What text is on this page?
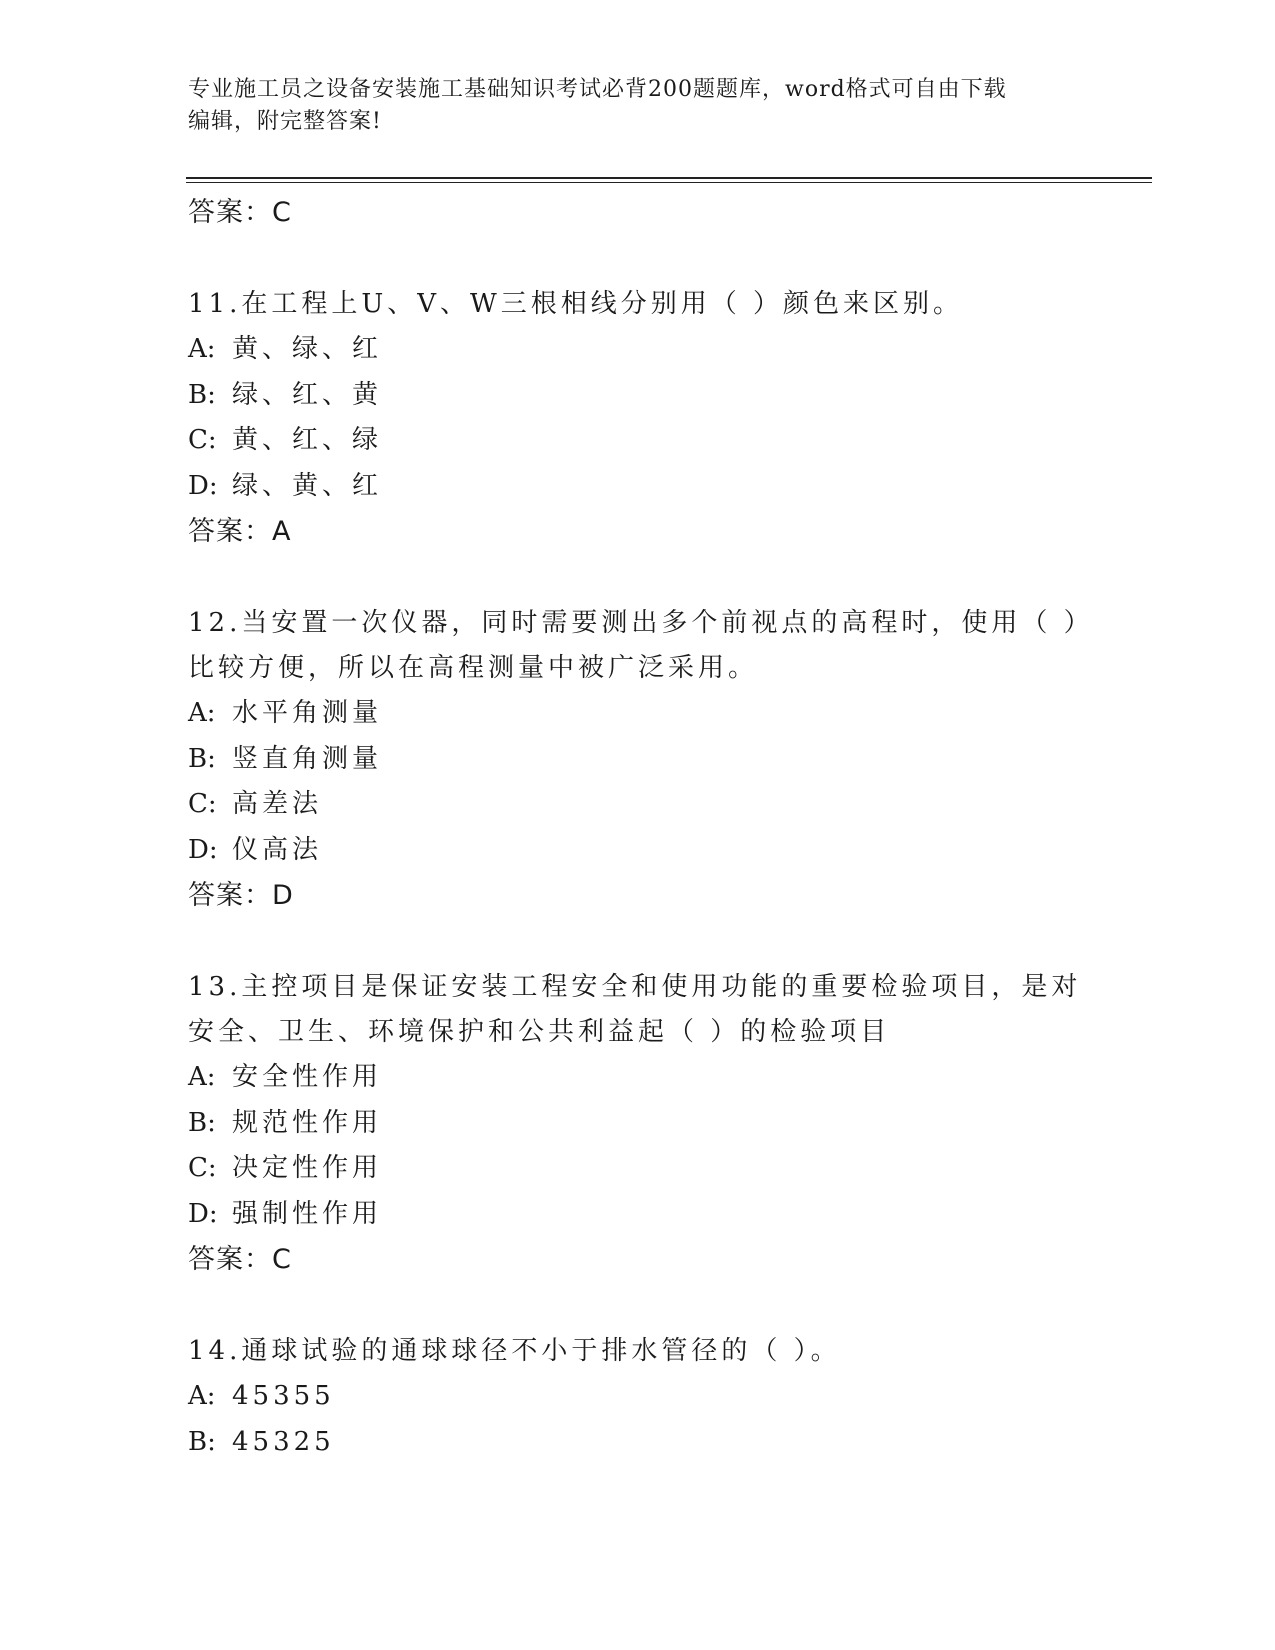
专业施工员之设备安装施工基础知识考试必背200题题库，word格式可自由下载
编辑，附完整答案!
答案：C
11.在工程上U、V、W三根相线分别用（ ）颜色来区别。
A: 黄、绿、红
B: 绿、红、黄
C: 黄、红、绿
D: 绿、黄、红
答案：A
12.当安置一次仪器，同时需要测出多个前视点的高程时，使用（ ）比较方便，所以在高程测量中被广泛采用。
A: 水平角测量
B: 竖直角测量
C: 高差法
D: 仪高法
答案：D
13.主控项目是保证安装工程安全和使用功能的重要检验项目，是对安全、卫生、环境保护和公共利益起（ ）的检验项目
A: 安全性作用
B: 规范性作用
C: 决定性作用
D: 强制性作用
答案：C
14.通球试验的通球球径不小于排水管径的（ ）。
A: 45355
B: 45325
